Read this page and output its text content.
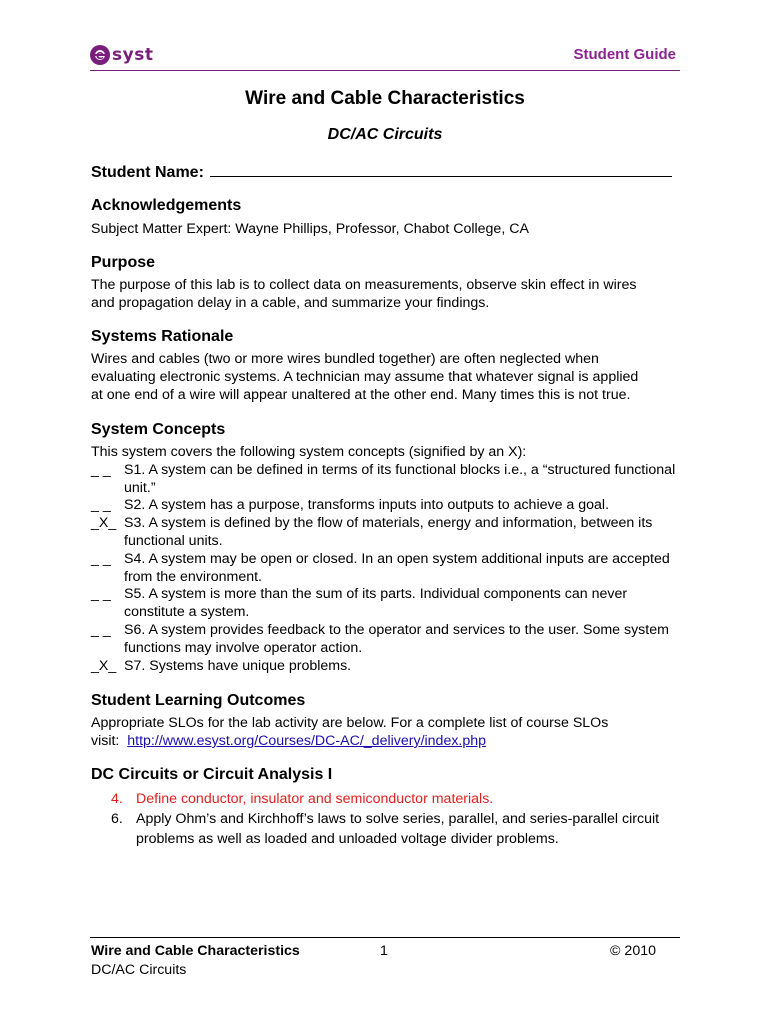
e syst	Student Guide
Wire and Cable Characteristics
DC/AC Circuits
Student Name:
Acknowledgements

Subject Matter Expert: Wayne Phillips, Professor, Chabot College, CA

Purpose

The purpose of this lab is to collect data on measurements, observe skin effect in wires

and propagation delay in a cable, and summarize your findings.

Systems Rationale

Wires and cables (two or more wires bundled together) are often neglected when

evaluating electronic systems. A technician may assume that whatever signal is applied

at one end of a wire will appear unaltered at the other end. Many times this is not true.

System Concepts
This system covers the following system concepts (signified by an X):
_ _ S1. A system can be defined in terms of its functional blocks i.e., a “structured functional unit.”
_ _ S2. A system has a purpose, transforms inputs into outputs to achieve a goal.
_X_ S3. A system is defined by the flow of materials, energy and information, between its functional units.
_ _ S4. A system may be open or closed. In an open system additional inputs are accepted from the environment.
_ _ S5. A system is more than the sum of its parts. Individual components can never constitute a system.
_ _ S6. A system provides feedback to the operator and services to the user. Some system functions may involve operator action.
_X_ S7. Systems have unique problems.
Student Learning Outcomes

Appropriate SLOs for the lab activity are below. For a complete list of course SLOs

visit: http://www.esyst.org/Courses/DC-AC/_delivery/index.php

DC Circuits or Circuit Analysis I
4. Define conductor, insulator and semiconductor materials.
6. Apply Ohm’s and Kirchhoff’s laws to solve series, parallel, and series-parallel circuit problems as well as loaded and unloaded voltage divider problems.
Wire and Cable Characteristics	1	© 2010
DC/AC Circuits
